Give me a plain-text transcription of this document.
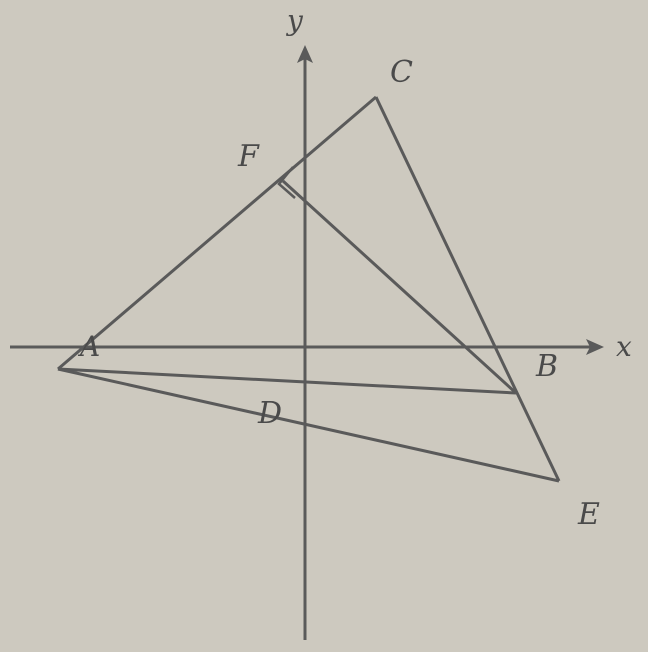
y
x
A
B
C
D
E
F
